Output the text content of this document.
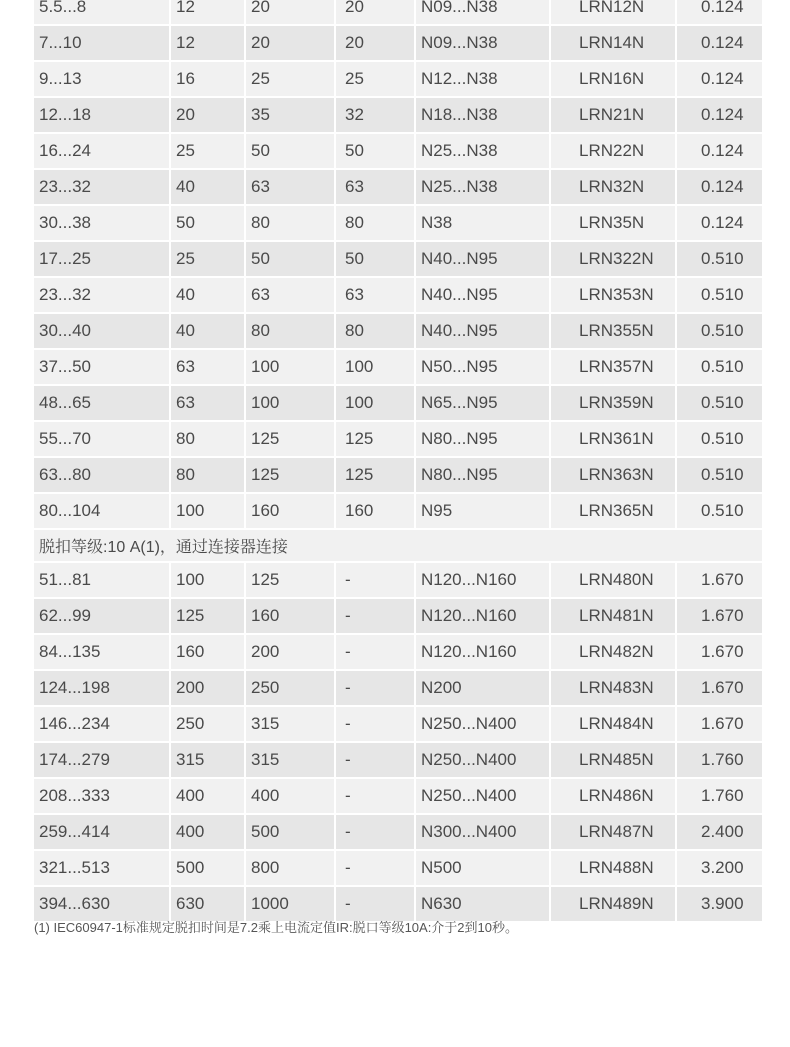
5.5...8	12	20	20	N09...N38	LRN12N	0.124
7...10	12	20	20	N09...N38	LRN14N	0.124
9...13	16	25	25	N12...N38	LRN16N	0.124
12...18	20	35	32	N18...N38	LRN21N	0.124
16...24	25	50	50	N25...N38	LRN22N	0.124
23...32	40	63	63	N25...N38	LRN32N	0.124
30...38	50	80	80	N38	LRN35N	0.124
17...25	25	50	50	N40...N95	LRN322N	0.510
23...32	40	63	63	N40...N95	LRN353N	0.510
30...40	40	80	80	N40...N95	LRN355N	0.510
37...50	63	100	100	N50...N95	LRN357N	0.510
48...65	63	100	100	N65...N95	LRN359N	0.510
55...70	80	125	125	N80...N95	LRN361N	0.510
63...80	80	125	125	N80...N95	LRN363N	0.510
80...104	100	160	160	N95	LRN365N	0.510
脱扣等级:10 A(1)，通过连接器连接						
51...81	100	125	-	N120...N160	LRN480N	1.670
62...99	125	160	-	N120...N160	LRN481N	1.670
84...135	160	200	-	N120...N160	LRN482N	1.670
124...198	200	250	-	N200	LRN483N	1.670
146...234	250	315	-	N250...N400	LRN484N	1.670
174...279	315	315	-	N250...N400	LRN485N	1.760
208...333	400	400	-	N250...N400	LRN486N	1.760
259...414	400	500	-	N300...N400	LRN487N	2.400
321...513	500	800	-	N500	LRN488N	3.200
394...630	630	1000	-	N630	LRN489N	3.900
(1) IEC60947-1标准规定脱扣时间是7.2乘上电流定值IR:脱口等级10A:介于2到10秒。
